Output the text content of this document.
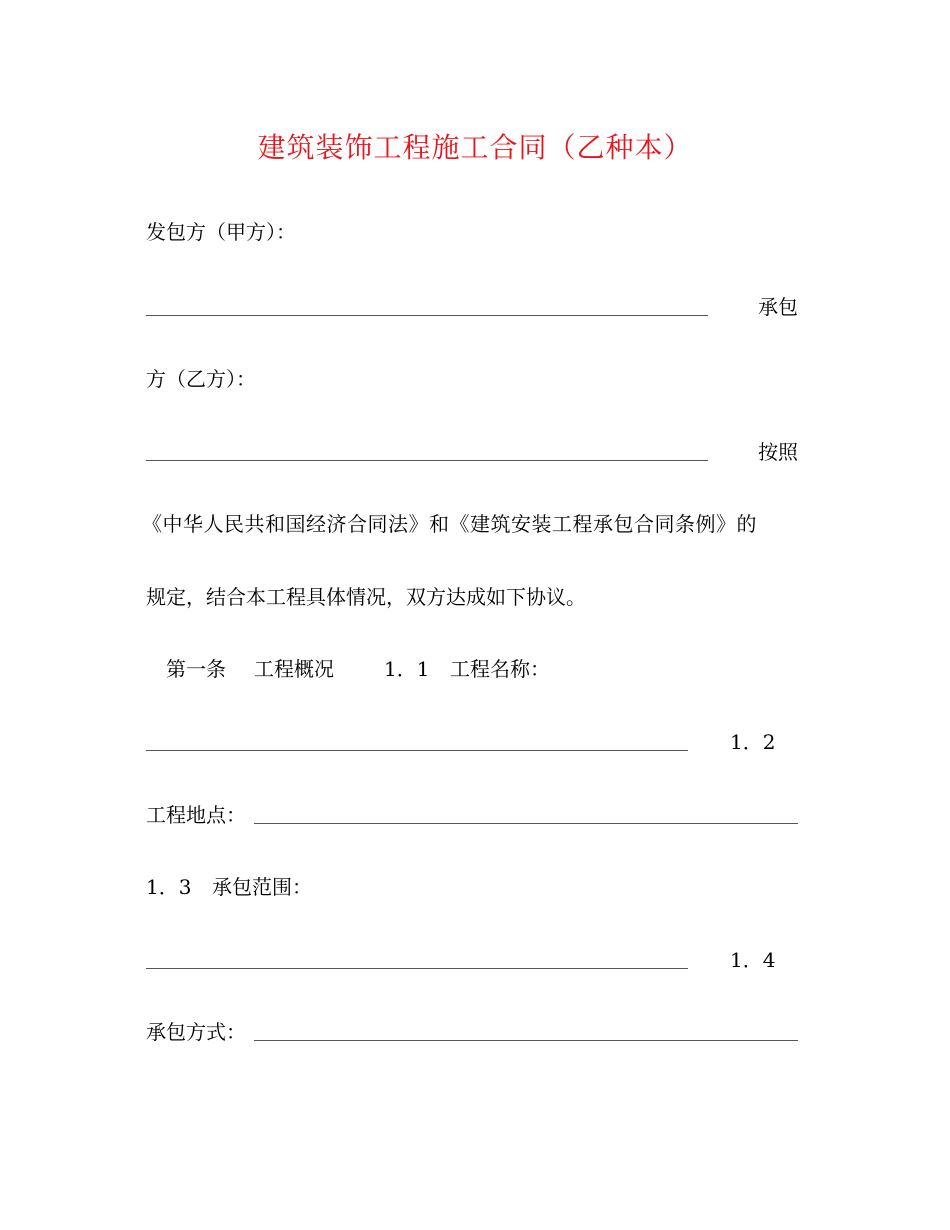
建筑装饰工程施工合同（乙种本）
发包方（甲方）：
承包
方（乙方）：
按照
《中华人民共和国经济合同法》和《建筑安装工程承包合同条例》的
规定，结合本工程具体情况，双方达成如下协议。
第一条 工程概况	1．1 工程名称：
1．2
工程地点：
1．3 承包范围：
1．4
承包方式：
